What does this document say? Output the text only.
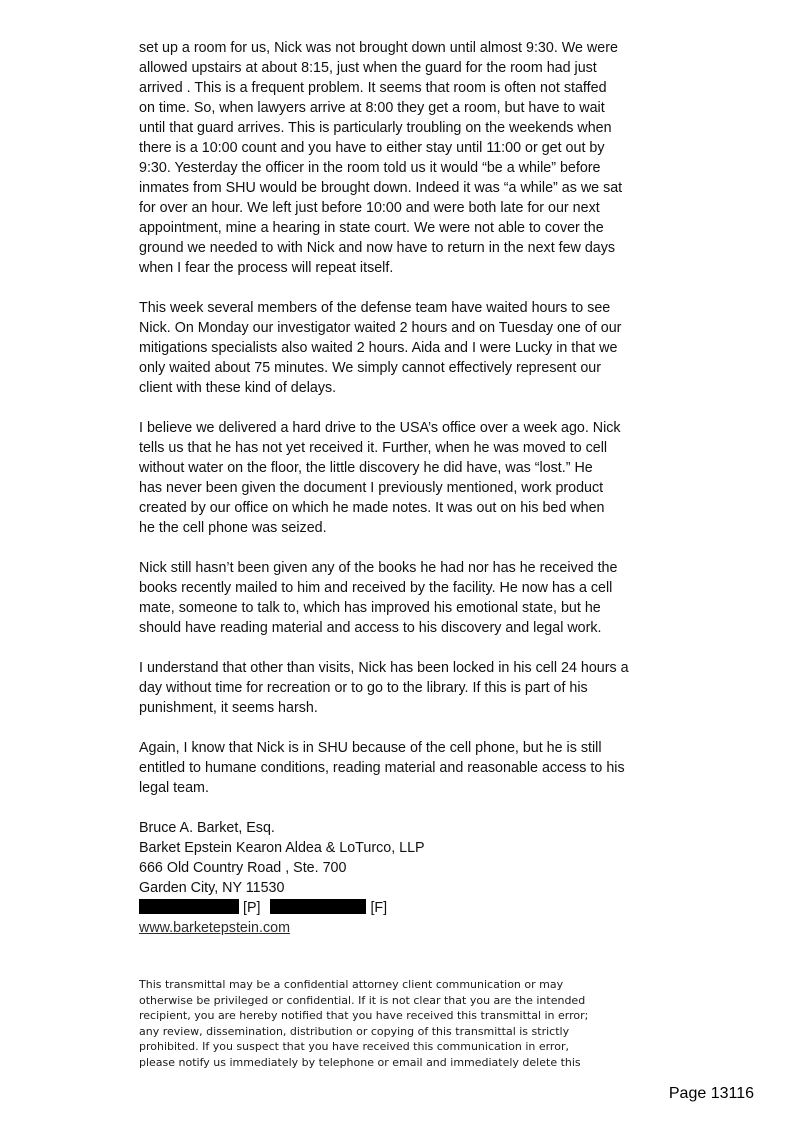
set up a room for us, Nick was not brought down until almost 9:30. We were
allowed upstairs at about 8:15, just when the guard for the room had just
arrived . This is a frequent problem. It seems that room is often not staffed
on time. So, when lawyers arrive at 8:00 they get a room, but have to wait
until that guard arrives. This is particularly troubling on the weekends when
there is a 10:00 count and you have to either stay until 11:00 or get out by
9:30. Yesterday the officer in the room told us it would “be a while” before
inmates from SHU would be brought down. Indeed it was “a while” as we sat
for over an hour. We left just before 10:00 and were both late for our next
appointment, mine a hearing in state court. We were not able to cover the
ground we needed to with Nick and now have to return in the next few days
when I fear the process will repeat itself.

This week several members of the defense team have waited hours to see
Nick. On Monday our investigator waited 2 hours and on Tuesday one of our
mitigations specialists also waited 2 hours. Aida and I were Lucky in that we
only waited about 75 minutes. We simply cannot effectively represent our
client with these kind of delays.

I believe we delivered a hard drive to the USA’s office over a week ago. Nick
tells us that he has not yet received it. Further, when he was moved to cell
without water on the floor, the little discovery he did have, was “lost.” He
has never been given the document I previously mentioned, work product
created by our office on which he made notes. It was out on his bed when
he the cell phone was seized.

Nick still hasn’t been given any of the books he had nor has he received the
books recently mailed to him and received by the facility. He now has a cell
mate, someone to talk to, which has improved his emotional state, but he
should have reading material and access to his discovery and legal work.

I understand that other than visits, Nick has been locked in his cell 24 hours a
day without time for recreation or to go to the library. If this is part of his
punishment, it seems harsh.

Again, I know that Nick is in SHU because of the cell phone, but he is still
entitled to humane conditions, reading material and reasonable access to his
legal team.

Bruce A. Barket, Esq.
Barket Epstein Kearon Aldea & LoTurco, LLP
666 Old Country Road , Ste. 700
Garden City, NY 11530
[P]	[F]
www.barketepstein.com
This transmittal may be a confidential attorney client communication or may
otherwise be privileged or confidential. If it is not clear that you are the intended
recipient, you are hereby notified that you have received this transmittal in error;
any review, dissemination, distribution or copying of this transmittal is strictly
prohibited. If you suspect that you have received this communication in error,
please notify us immediately by telephone or email and immediately delete this
Page 13116
